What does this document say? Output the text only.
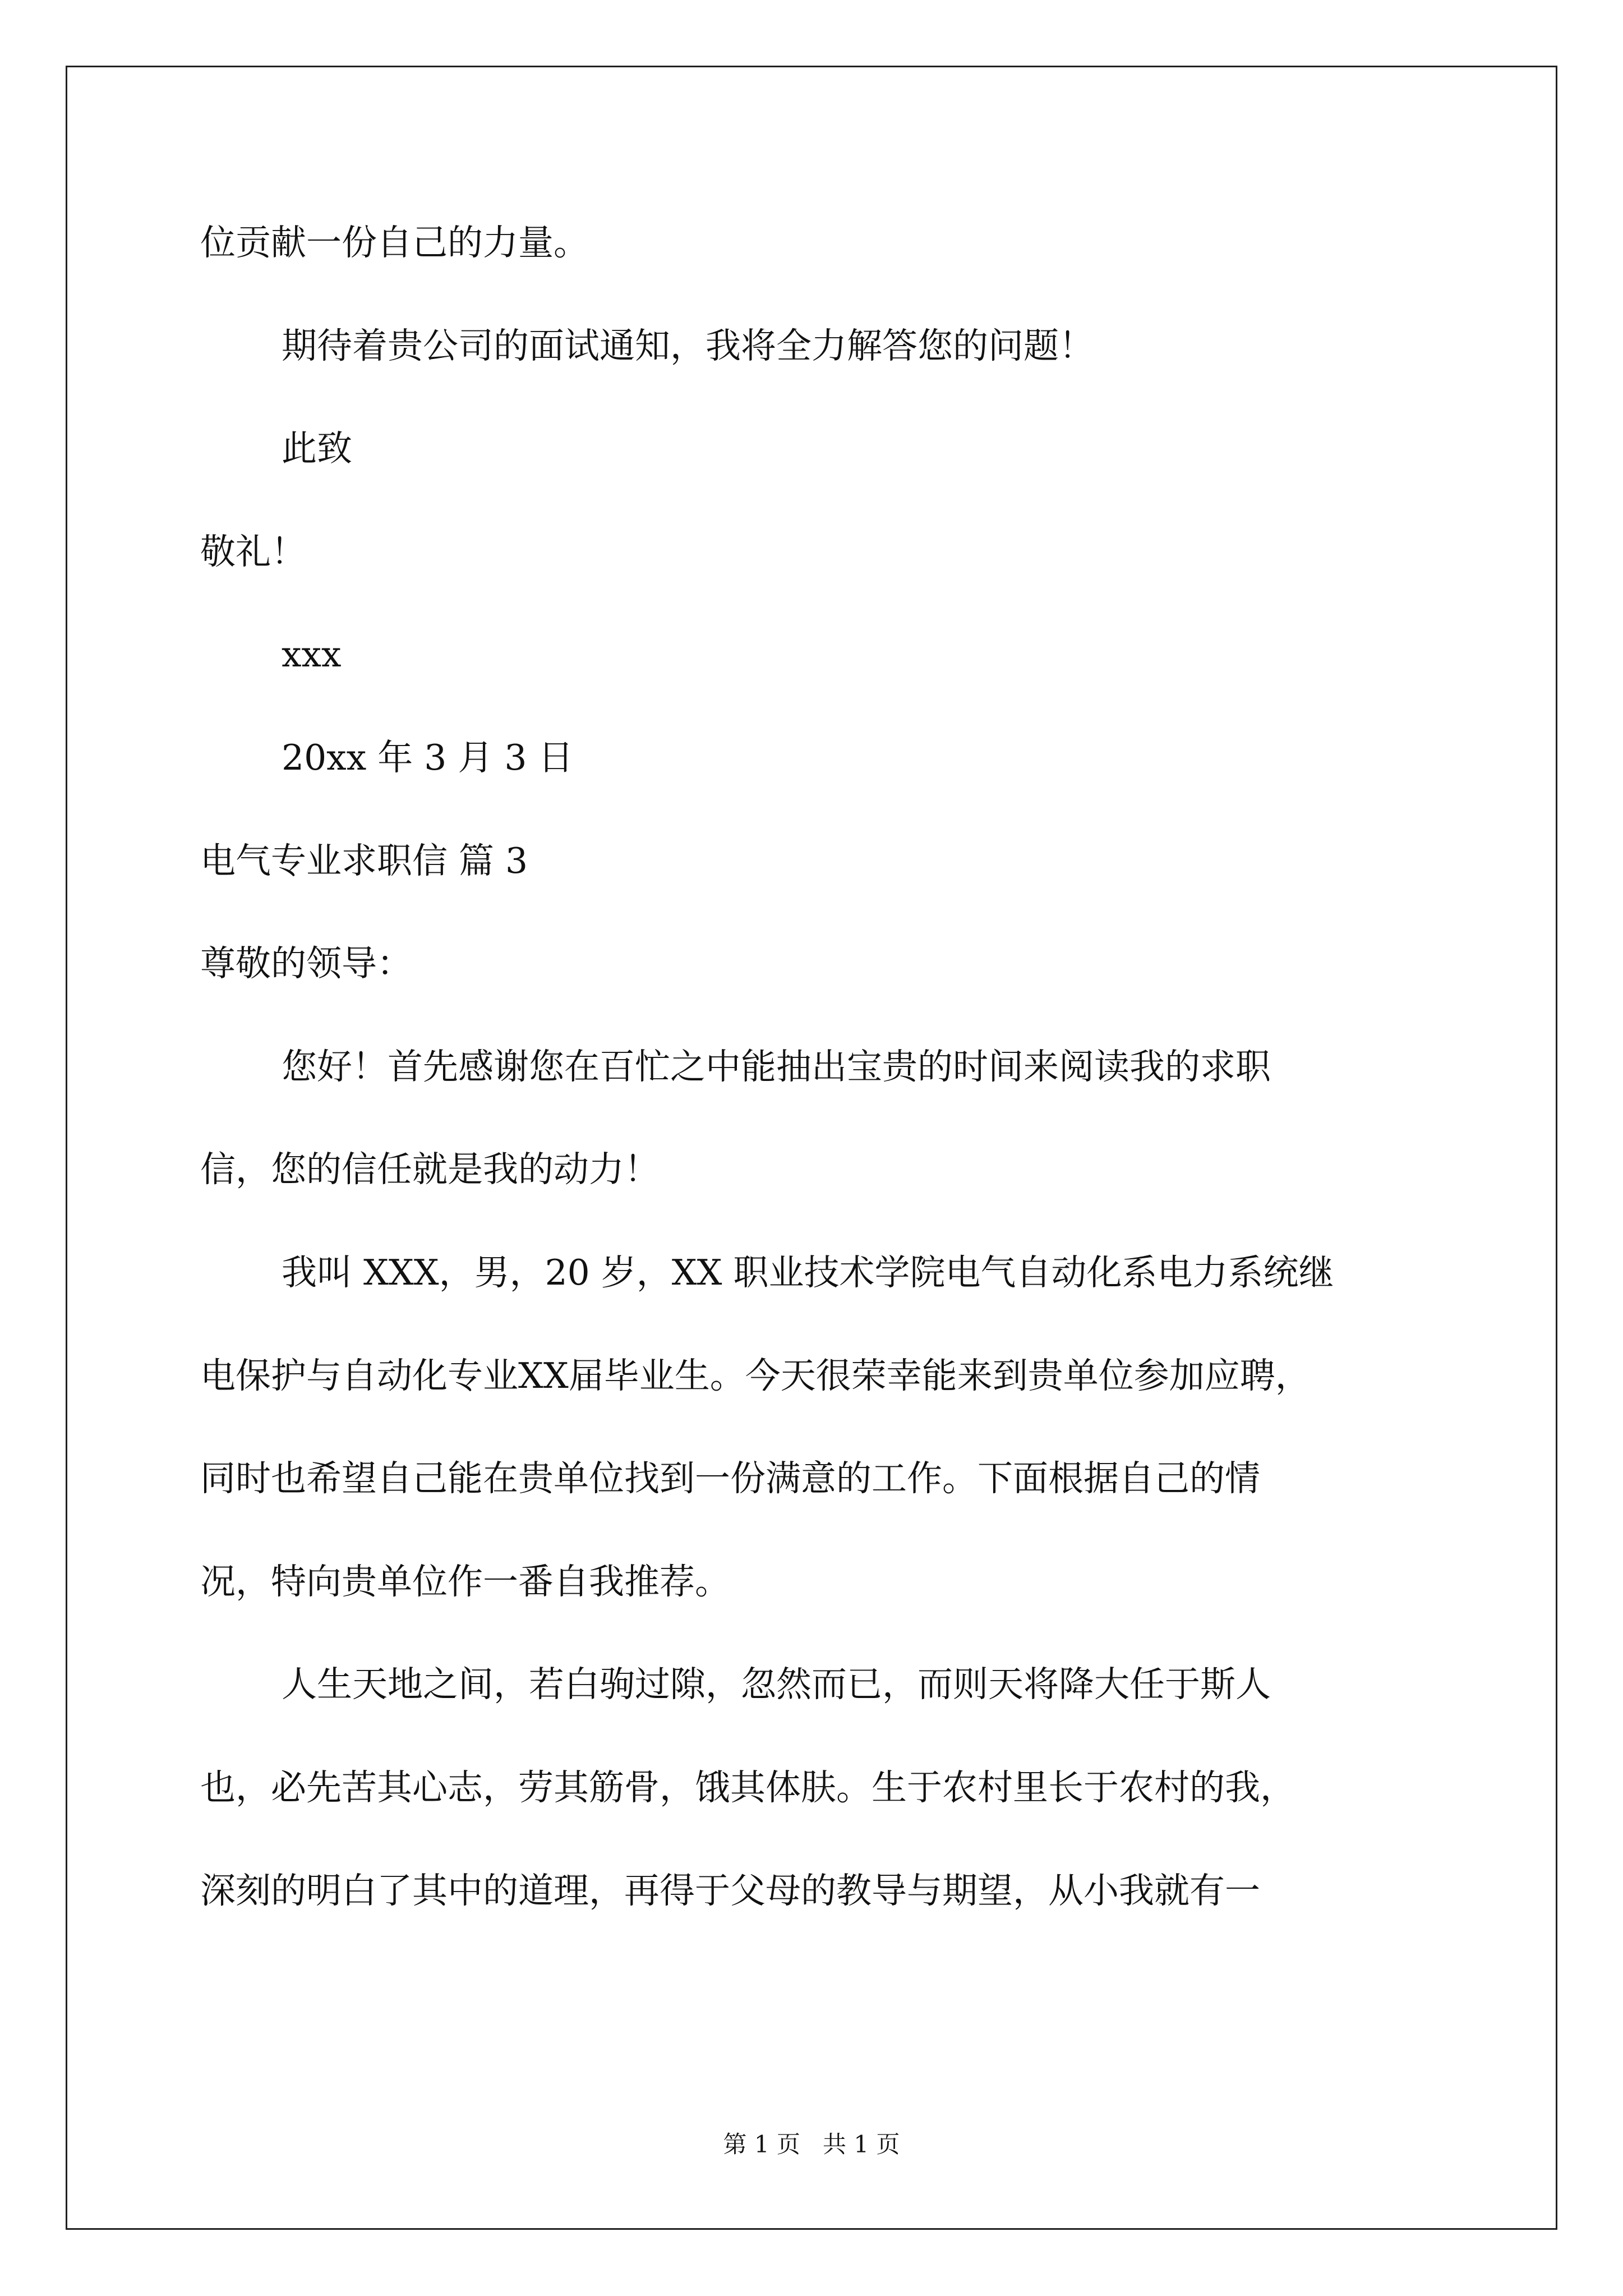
位贡献一份自己的力量。
期待着贵公司的面试通知，我将全力解答您的问题！
此致
敬礼！
xxx
20xx 年 3 月 3 日
电气专业求职信 篇 3
尊敬的领导：
您好！首先感谢您在百忙之中能抽出宝贵的时间来阅读我的求职
信，您的信任就是我的动力！
我叫 XXX，男，20 岁，XX 职业技术学院电气自动化系电力系统继
电保护与自动化专业XX届毕业生。今天很荣幸能来到贵单位参加应聘，
同时也希望自己能在贵单位找到一份满意的工作。下面根据自己的情
况，特向贵单位作一番自我推荐。
人生天地之间，若白驹过隙，忽然而已，而则天将降大任于斯人
也，必先苦其心志，劳其筋骨，饿其体肤。生于农村里长于农村的我，
深刻的明白了其中的道理，再得于父母的教导与期望，从小我就有一
第 1 页   共 1 页
